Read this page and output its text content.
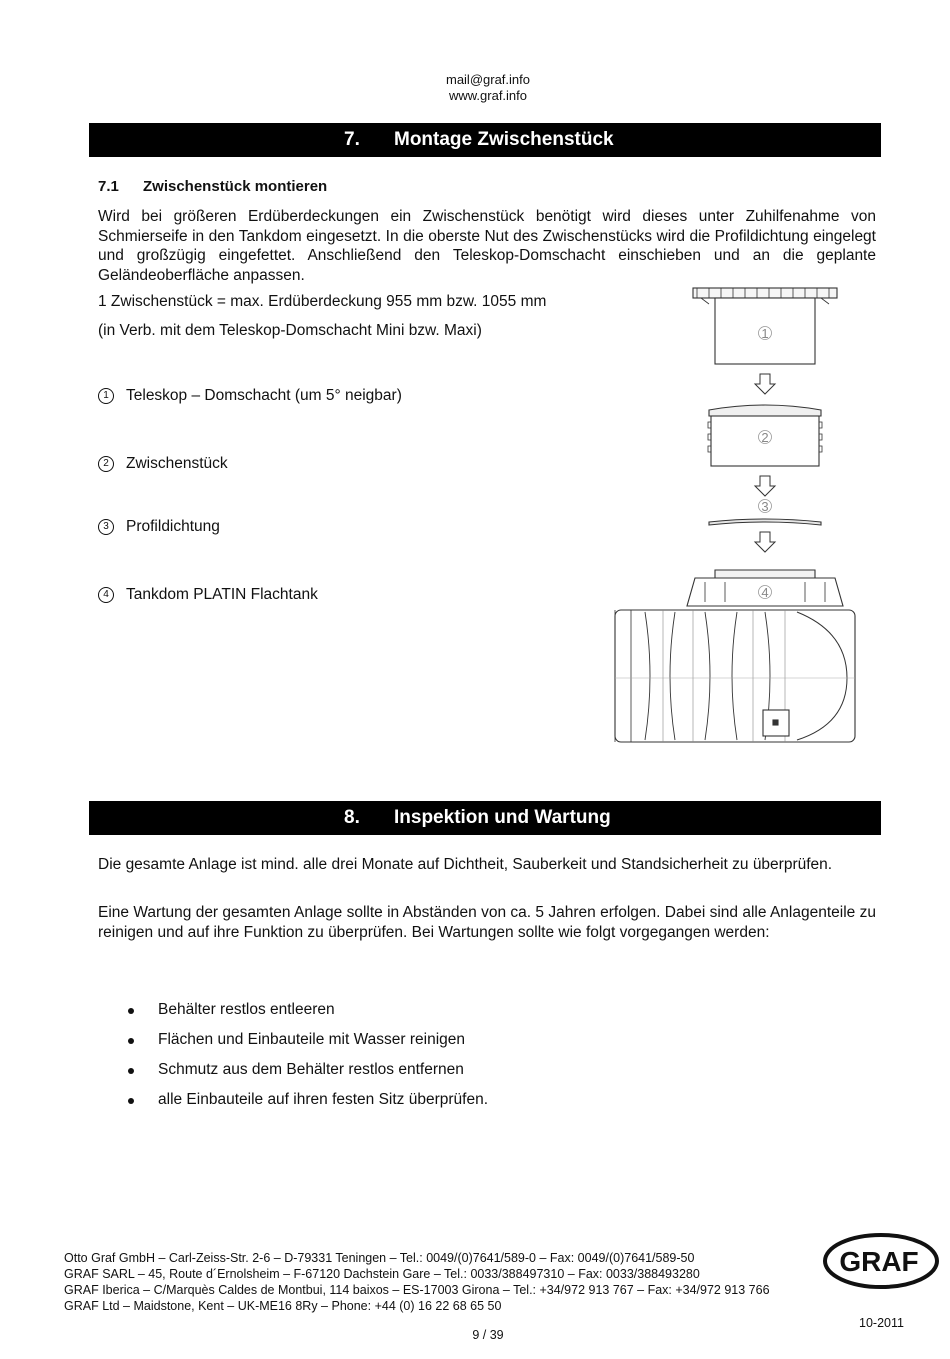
mail@graf.info
www.graf.info
7. Montage Zwischenstück
7.1 Zwischenstück montieren
Wird bei größeren Erdüberdeckungen ein Zwischenstück benötigt wird dieses unter Zuhilfenahme von Schmierseife in den Tankdom eingesetzt. In die oberste Nut des Zwischenstücks wird die Profildichtung eingelegt und großzügig eingefettet. Anschließend den Teleskop-Domschacht einschieben und an die geplante Geländeoberfläche anpassen.
1 Zwischenstück = max. Erdüberdeckung 955 mm bzw. 1055 mm
(in Verb. mit dem Teleskop-Domschacht Mini bzw. Maxi)
1	Teleskop – Domschacht (um 5° neigbar)
2	Zwischenstück
3	Profildichtung
4	Tankdom PLATIN Flachtank
1
2
3
4
8. Inspektion und Wartung
Die gesamte Anlage ist mind. alle drei Monate auf Dichtheit, Sauberkeit und Standsicherheit zu überprüfen.
Eine Wartung der gesamten Anlage sollte in Abständen von ca. 5 Jahren erfolgen. Dabei sind alle Anlagenteile zu reinigen und auf ihre Funktion zu überprüfen. Bei Wartungen sollte wie folgt vorgegangen werden:
Behälter restlos entleeren
Flächen und Einbauteile mit Wasser reinigen
Schmutz aus dem Behälter restlos entfernen
alle Einbauteile auf ihren festen Sitz überprüfen.
Otto Graf GmbH – Carl-Zeiss-Str. 2-6 – D-79331 Teningen – Tel.: 0049/(0)7641/589-0 – Fax: 0049/(0)7641/589-50
GRAF SARL – 45, Route d´Ernolsheim – F-67120 Dachstein Gare – Tel.: 0033/388497310 – Fax: 0033/388493280
GRAF Iberica – C/Marquès Caldes de Montbui, 114 baixos – ES-17003 Girona – Tel.: +34/972 913 767 – Fax: +34/972 913 766
GRAF Ltd – Maidstone, Kent – UK-ME16 8Ry – Phone: +44 (0) 16 22 68 65 50
GRAF
10-2011
9 / 39
